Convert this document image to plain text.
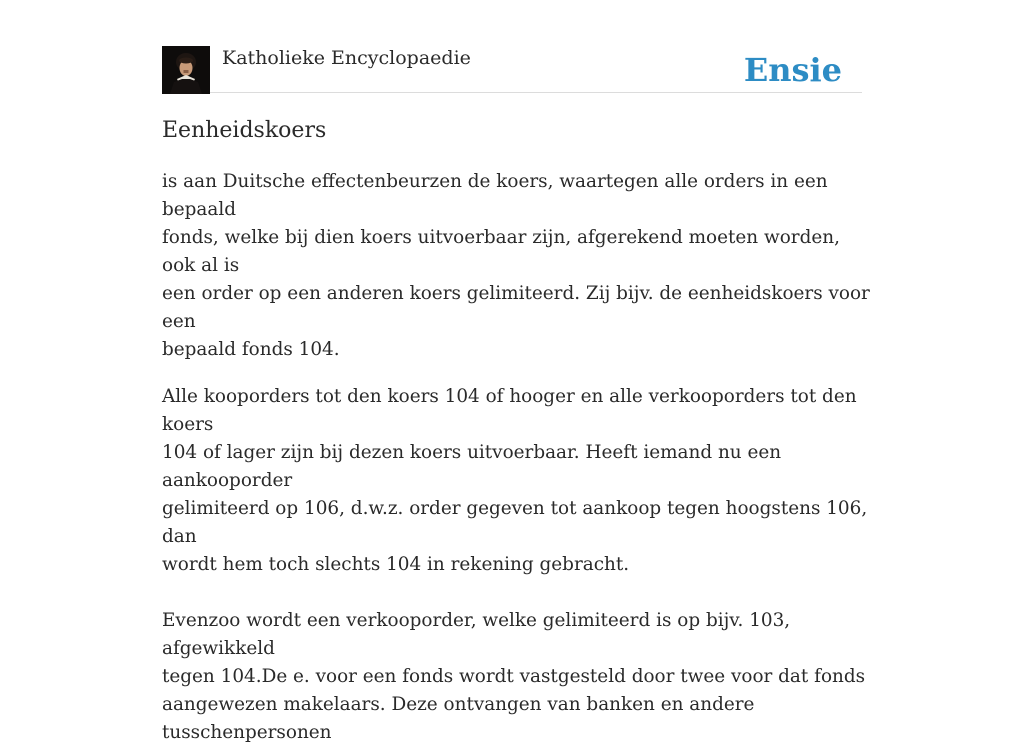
Katholieke Encyclopaedie	Ensie
Eenheidskoers

is aan Duitsche effectenbeurzen de koers, waartegen alle orders in een bepaald
fonds, welke bij dien koers uitvoerbaar zijn, afgerekend moeten worden, ook al is
een order op een anderen koers gelimiteerd. Zij bijv. de eenheidskoers voor een
bepaald fonds 104.

Alle kooporders tot den koers 104 of hooger en alle verkooporders tot den koers
104 of lager zijn bij dezen koers uitvoerbaar. Heeft iemand nu een aankooporder
gelimiteerd op 106, d.w.z. order gegeven tot aankoop tegen hoogstens 106, dan
wordt hem toch slechts 104 in rekening gebracht.

Evenzoo wordt een verkooporder, welke gelimiteerd is op bijv. 103, afgewikkeld
tegen 104.De e. voor een fonds wordt vastgesteld door twee voor dat fonds
aangewezen makelaars. Deze ontvangen van banken en andere tusschenpersonen
